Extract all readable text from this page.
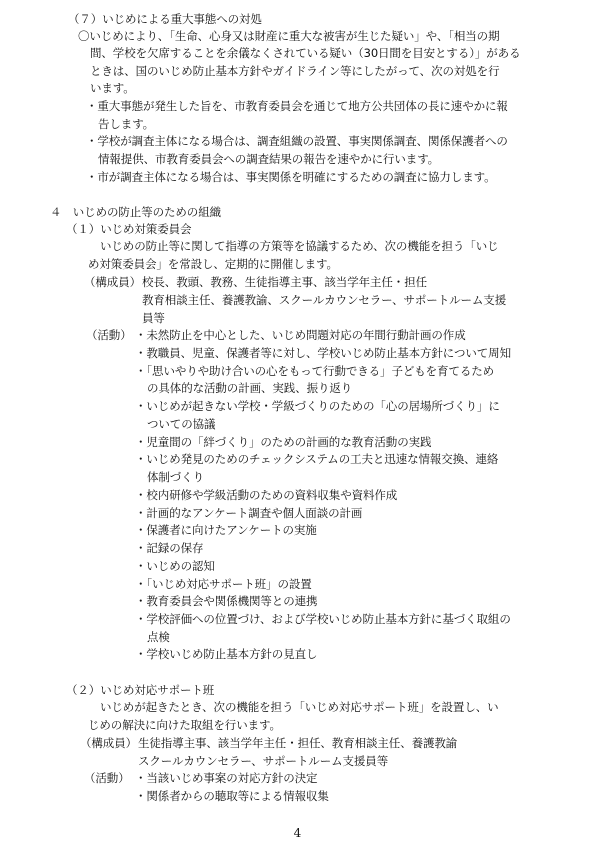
（７）いじめによる重大事態への対処
〇いじめにより、「生命、心身又は財産に重大な被害が生じた疑い」や、「相当の期
間、学校を欠席することを余儀なくされている疑い（30日間を目安とする）」がある
ときは、国のいじめ防止基本方針やガイドライン等にしたがって、次の対処を行
います。
・重大事態が発生した旨を、市教育委員会を通じて地方公共団体の長に速やかに報
告します。
・学校が調査主体になる場合は、調査組織の設置、事実関係調査、関係保護者への
情報提供、市教育委員会への調査結果の報告を速やかに行います。
・市が調査主体になる場合は、事実関係を明確にするための調査に協力します。
４　いじめの防止等のための組織
（１）いじめ対策委員会
いじめの防止等に関して指導の方策等を協議するため、次の機能を担う「いじ
め対策委員会」を常設し、定期的に開催します。
（構成員） 校長、教頭、教務、生徒指導主事、該当学年主任・担任
教育相談主任、養護教諭、スクールカウンセラー、サポートルーム支援
員等
（活動） ・未然防止を中心とした、いじめ問題対応の年間行動計画の作成
・教職員、児童、保護者等に対し、学校いじめ防止基本方針について周知
・「思いやりや助け合いの心をもって行動できる」子どもを育てるため
の具体的な活動の計画、実践、振り返り
・いじめが起きない学校・学級づくりのための「心の居場所づくり」に
ついての協議
・児童間の「絆づくり」のための計画的な教育活動の実践
・いじめ発見のためのチェックシステムの工夫と迅速な情報交換、連絡
体制づくり
・校内研修や学級活動のための資料収集や資料作成
・計画的なアンケート調査や個人面談の計画
・保護者に向けたアンケートの実施
・記録の保存
・いじめの認知
・「いじめ対応サポート班」の設置
・教育委員会や関係機関等との連携
・学校評価への位置づけ、および学校いじめ防止基本方針に基づく取組の
点検
・学校いじめ防止基本方針の見直し
（２）いじめ対応サポート班
いじめが起きたとき、次の機能を担う「いじめ対応サポート班」を設置し、い
じめの解決に向けた取組を行います。
（構成員） 生徒指導主事、該当学年主任・担任、教育相談主任、養護教諭
スクールカウンセラー、サポートルーム支援員等
（活動） ・当該いじめ事案の対応方針の決定
・関係者からの聴取等による情報収集
4
